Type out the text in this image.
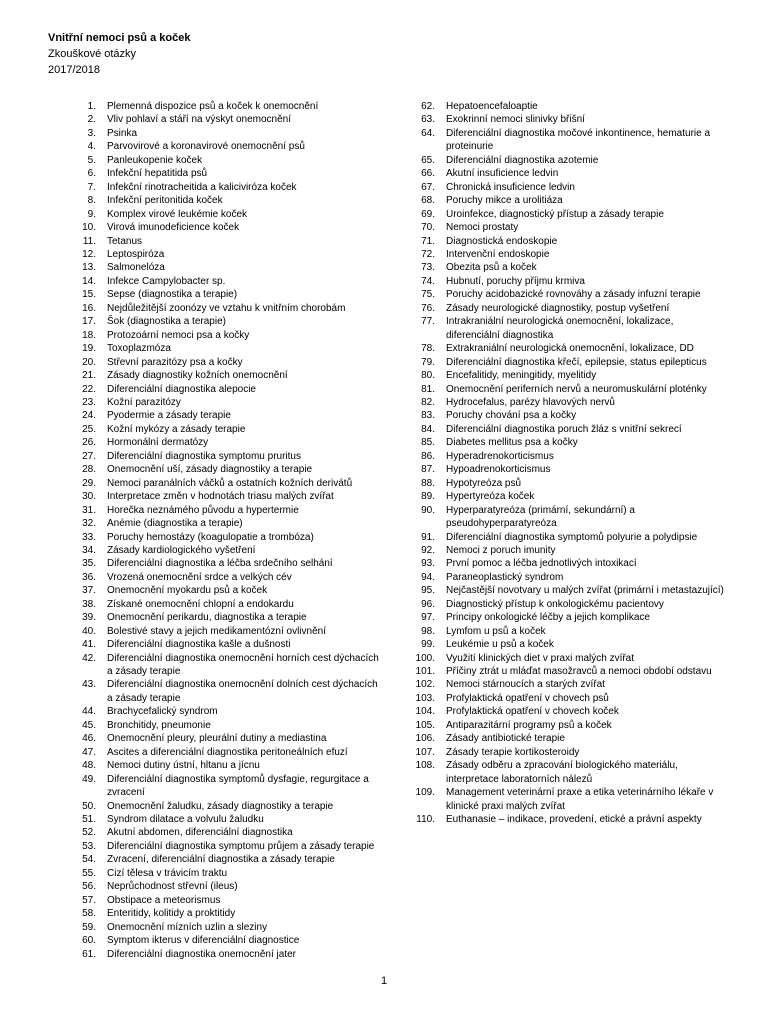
Vnitřní nemoci psů a koček
Zkouškové otázky
2017/2018
1.	Plemenná dispozice psů a koček k onemocnění
2.	Vliv pohlaví a stáří na výskyt onemocnění
3.	Psinka
4.	Parvovirové a koronavirové onemocnění psů
5.	Panleukopenie koček
6.	Infekční hepatitida psů
7.	Infekční rinotracheitida a kaliciviróza koček
8.	Infekční peritonitida koček
9.	Komplex virové leukémie koček
10.	Virová imunodeficience koček
11.	Tetanus
12.	Leptospiróza
13.	Salmonelóza
14.	Infekce Campylobacter sp.
15.	Sepse (diagnostika a terapie)
16.	Nejdůležitější zoonózy ve vztahu k vnitřním chorobám
17.	Šok (diagnostika a terapie)
18.	Protozoární nemoci psa a kočky
19.	Toxoplazmóza
20.	Střevní parazitózy psa a kočky
21.	Zásady diagnostiky kožních onemocnění
22.	Diferenciální diagnostika alepocie
23.	Kožní parazitózy
24.	Pyodermie a zásady terapie
25.	Kožní mykózy a zásady terapie
26.	Hormonální dermatózy
27.	Diferenciální diagnostika symptomu pruritus
28.	Onemocnění uší, zásady diagnostiky a terapie
29.	Nemoci paranálních váčků a ostatních kožních derivátů
30.	Interpretace změn v hodnotách triasu malých zvířat
31.	Horečka neznámého původu a hypertermie
32.	Anémie (diagnostika a terapie)
33.	Poruchy hemostázy (koagulopatie a trombóza)
34.	Zásady kardiologického vyšetření
35.	Diferenciální diagnostika a léčba srdečního selhání
36.	Vrozená onemocnění srdce a velkých cév
37.	Onemocnění myokardu psů a koček
38.	Získané onemocnění chlopní a endokardu
39.	Onemocnění perikardu, diagnostika a terapie
40.	Bolestivé stavy a jejich medikamentózní ovlivnění
41.	Diferenciální diagnostika kašle a dušnosti
42.	Diferenciální diagnostika onemocnění horních cest dýchacích a zásady terapie
43.	Diferenciální diagnostika onemocnění dolních cest dýchacích a zásady terapie
44.	Brachycefalický syndrom
45.	Bronchitidy, pneumonie
46.	Onemocnění pleury, pleurální dutiny a mediastina
47.	Ascites a diferenciální diagnostika peritoneálních efuzí
48.	Nemoci dutiny ústní, hltanu a jícnu
49.	Diferenciální diagnostika symptomů dysfagie, regurgitace a zvracení
50.	Onemocnění žaludku, zásady diagnostiky a terapie
51.	Syndrom dilatace a volvulu žaludku
52.	Akutní abdomen, diferenciální diagnostika
53.	Diferenciální diagnostika symptomu průjem a zásady terapie
54.	Zvracení, diferenciální diagnostika a zásady terapie
55.	Cizí tělesa v trávicím traktu
56.	Neprůchodnost střevní (ileus)
57.	Obstipace a meteorismus
58.	Enteritidy, kolitidy a proktitidy
59.	Onemocnění mízních uzlin a sleziny
60.	Symptom ikterus v diferenciální diagnostice
61.	Diferenciální diagnostika onemocnění jater
62.	Hepatoencefaloaptie
63.	Exokrinní nemoci slinivky břišní
64.	Diferenciální diagnostika močové inkontinence, hematurie a proteinurie
65.	Diferenciální diagnostika azotemie
66.	Akutní insuficience ledvin
67.	Chronická insuficience ledvin
68.	Poruchy mikce a urolitiáza
69.	Uroinfekce, diagnostický přístup a zásady terapie
70.	Nemoci prostaty
71.	Diagnostická endoskopie
72.	Intervenční endoskopie
73.	Obezita psů a koček
74.	Hubnutí, poruchy příjmu krmiva
75.	Poruchy acidobazické rovnováhy a zásady infuzní terapie
76.	Zásady neurologické diagnostiky, postup vyšetření
77.	Intrakraniální neurologická onemocnění, lokalizace, diferenciální diagnostika
78.	Extrakraniální neurologická onemocnění, lokalizace, DD
79.	Diferenciální diagnostika křečí, epilepsie, status epilepticus
80.	Encefalitidy, meningitidy, myelitidy
81.	Onemocnění periferních nervů a neuromuskulární ploténky
82.	Hydrocefalus, parézy hlavových nervů
83.	Poruchy chování psa a kočky
84.	Diferenciální diagnostika poruch žláz s vnitřní sekrecí
85.	Diabetes mellitus psa a kočky
86.	Hyperadrenokorticismus
87.	Hypoadrenokorticismus
88.	Hypotyreóza psů
89.	Hypertyreóza koček
90.	Hyperparatyreóza (primární, sekundární) a pseudohyperparatyreóza
91.	Diferenciální diagnostika symptomů polyurie a polydipsie
92.	Nemoci z poruch imunity
93.	První pomoc a léčba jednotlivých intoxikací
94.	Paraneoplastický syndrom
95.	Nejčastější novotvary u malých zvířat (primární i metastazující)
96.	Diagnostický přístup k onkologickému pacientovy
97.	Principy onkologické léčby a jejich komplikace
98.	Lymfom u psů a koček
99.	Leukémie u psů a koček
100.	Využití klinických diet v praxi malých zvířat
101.	Příčiny ztrát u mláďat masožravců a nemoci období odstavu
102.	Nemoci stárnoucích a starých zvířat
103.	Profylaktická opatření v chovech psů
104.	Profylaktická opatření v chovech koček
105.	Antiparazitární programy psů a koček
106.	Zásady antibiotické terapie
107.	Zásady terapie kortikosteroidy
108.	Zásady odběru a zpracování biologického materiálu, interpretace laboratorních nálezů
109.	Management veterinární praxe a etika veterinárního lékaře v klinické praxi malých zvířat
110.	Euthanasie – indikace, provedení, etické a právní aspekty
1
